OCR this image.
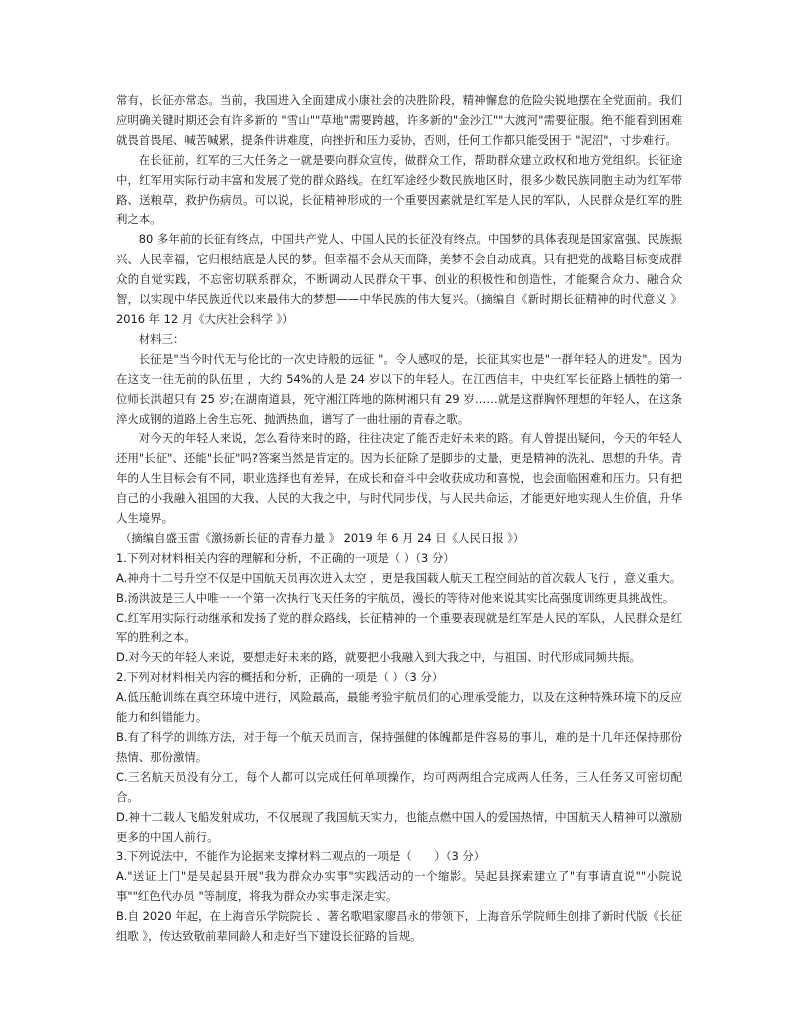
常有，长征亦常态。当前，我国进入全面建成小康社会的决胜阶段，精神懈怠的危险尖锐地摆在全党面前。我们应明确关键时期还会有许多新的 "雪山""草地"需要跨越，许多新的"金沙江""大渡河"需要征服。绝不能看到困难就畏首畏尾、喊苦喊累，提条件讲难度，向挫折和压力妥协，否则，任何工作都只能受困于 "泥沼"，寸步难行。

在长征前，红军的三大任务之一就是要向群众宣传，做群众工作，帮助群众建立政权和地方党组织。长征途中，红军用实际行动丰富和发展了党的群众路线。在红军途经少数民族地区时，很多少数民族同胞主动为红军带路、送粮草，救护伤病员。可以说，长征精神形成的一个重要因素就是红军是人民的军队，人民群众是红军的胜利之本。

80 多年前的长征有终点，中国共产党人、中国人民的长征没有终点。中国梦的具体表现是国家富强、民族振兴、人民幸福，它归根结底是人民的梦。但幸福不会从天而降，美梦不会自动成真。只有把党的战略目标变成群众的自觉实践，不忘密切联系群众，不断调动人民群众干事、创业的积极性和创造性，才能聚合众力、融合众智，以实现中华民族近代以来最伟大的梦想——中华民族的伟大复兴。（摘编自《新时期长征精神的时代意义 》 2016 年 12 月《大庆社会科学 》）

材料三：

长征是"当今时代无与伦比的一次史诗般的远征 "。令人感叹的是，长征其实也是"一群年轻人的进发"。因为在这支一往无前的队伍里 ，大约 54%的人是 24 岁以下的年轻人。在江西信丰，中央红军长征路上牺牲的第一位师长洪超只有 25 岁;在湖南道县，死守湘江阵地的陈树湘只有 29 岁……就是这群胸怀理想的年轻人，在这条淬火成钢的道路上舍生忘死、抛洒热血，谱写了一曲壮丽的青春之歌。

对今天的年轻人来说，怎么看待来时的路，往往决定了能否走好未来的路。有人曾提出疑问，今天的年轻人还用"长征"、还能"长征"吗?答案当然是肯定的。因为长征除了是脚步的丈量，更是精神的洗礼、思想的升华。青年的人生目标会有不同，职业选择也有差异，在成长和奋斗中会收获成功和喜悦，也会面临困难和压力。只有把自己的小我融入祖国的大我、人民的大我之中，与时代同步伐，与人民共命运，才能更好地实现人生价值，升华人生境界。

（摘编自盛玉雷《激扬新长征的青春力量 》 2019 年 6 月 24 日《人民日报 》）

1.下列对材料相关内容的理解和分析，不正确的一项是（ ）（3 分）

A.神舟十二号升空不仅是中国航天员再次进入太空 ，更是我国载人航天工程空间站的首次载人飞行 ，意义重大。

B.汤洪波是三人中唯一一个第一次执行飞天任务的宇航员，漫长的等待对他来说其实比高强度训练更具挑战性。

C.红军用实际行动继承和发扬了党的群众路线，长征精神的一个重要表现就是红军是人民的军队，人民群众是红军的胜利之本。

D.对今天的年轻人来说，要想走好未来的路，就要把小我融入到大我之中，与祖国、时代形成同频共振。

2.下列对材料相关内容的概括和分析，正确的一项是（ ）（3 分）

A.低压舱训练在真空环境中进行，风险最高，最能考验宇航员们的心理承受能力，以及在这种特殊环境下的反应能力和纠错能力。

B.有了科学的训练方法，对于每一个航天员而言，保持强健的体魄都是件容易的事儿，难的是十几年还保持那份热情、那份激情。

C.三名航天员没有分工，每个人都可以完成任何单项操作，均可两两组合完成两人任务，三人任务又可密切配合。

D.神十二载人飞船发射成功，不仅展现了我国航天实力，也能点燃中国人的爱国热情，中国航天人精神可以激励更多的中国人前行。

3.下列说法中，不能作为论据来支撑材料二观点的一项是（　　）（3 分）

A."送证上门"是吴起县开展"我为群众办实事"实践活动的一个缩影。吴起县探索建立了"有事请直说""小院说事""红色代办员 "等制度，将我为群众办实事走深走实。

B.自 2020 年起，在上海音乐学院院长 、著名歌唱家廖昌永的带领下，上海音乐学院师生创排了新时代版《长征组歌 》，传达致敬前辈同龄人和走好当下建设长征路的旨规。
